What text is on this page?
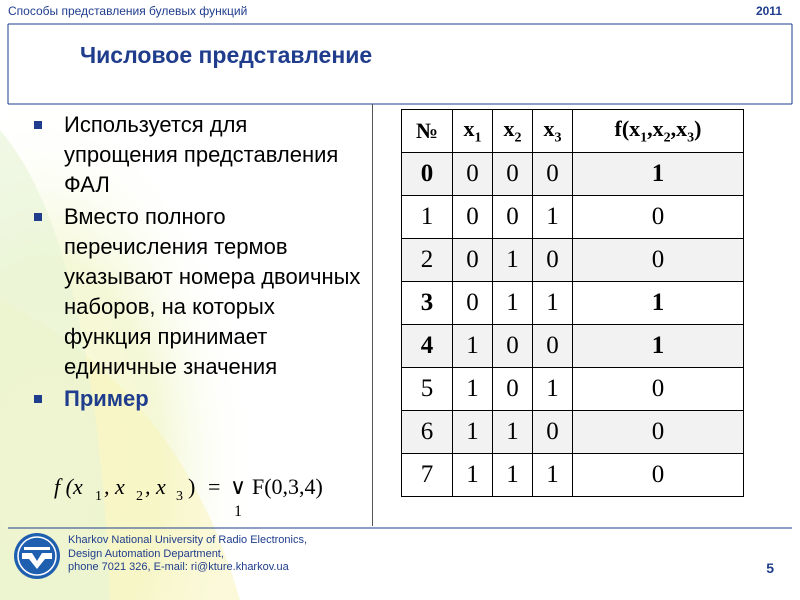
Способы представления булевых функций	2011
Числовое представление
Используется для упрощения представления ФАЛ
Вместо полного перечисления термов указывают номера двоичных наборов, на которых функция принимает единичные значения
Пример
f (x 1 , x 2 , x 3 ) = ∨
1
F(0,3,4)
№	$x_1$	$x_2$	$x_3$	$f(x_1,x_2,x_3)$
0	0	0	0	1
1	0	0	1	0
2	0	1	0	0
3	0	1	1	1
4	1	0	0	1
5	1	0	1	0
6	1	1	0	0
7	1	1	1	0
Kharkov National University of Radio Electronics,
Design Automation Department,
phone 7021 326, E-mail: ri@kture.kharkov.ua	5
